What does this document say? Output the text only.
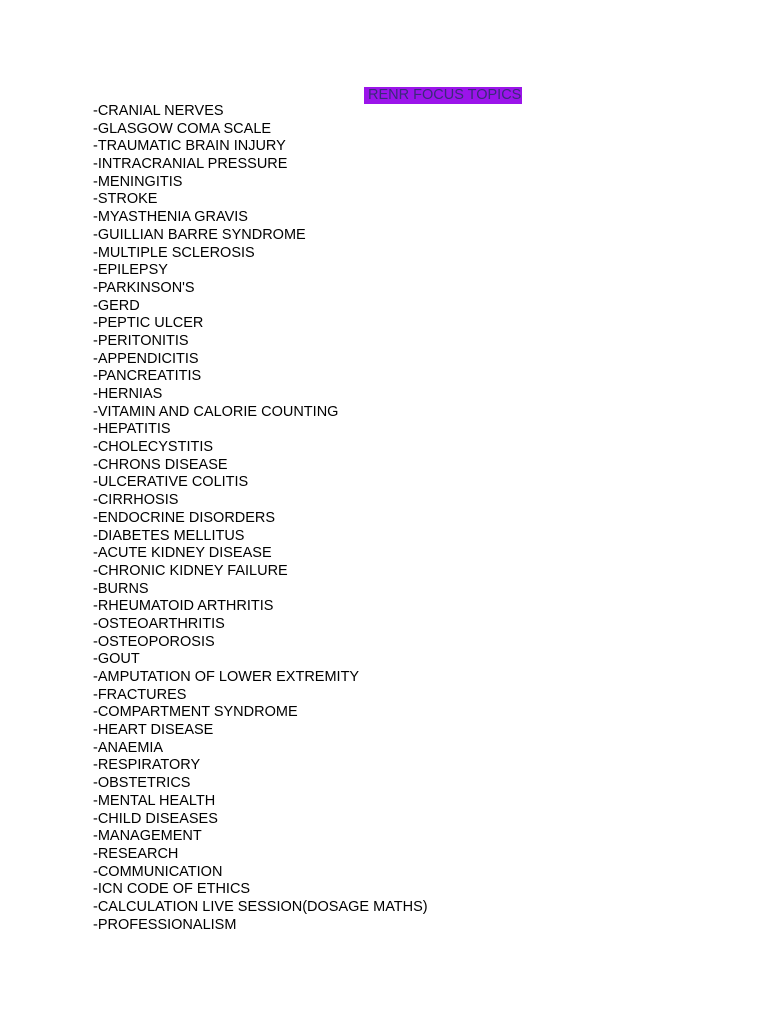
RENR FOCUS TOPICS
-CRANIAL NERVES
-GLASGOW COMA SCALE
-TRAUMATIC BRAIN INJURY
-INTRACRANIAL PRESSURE
-MENINGITIS
-STROKE
-MYASTHENIA GRAVIS
-GUILLIAN BARRE SYNDROME
-MULTIPLE SCLEROSIS
-EPILEPSY
-PARKINSON'S
-GERD
-PEPTIC ULCER
-PERITONITIS
-APPENDICITIS
-PANCREATITIS
-HERNIAS
-VITAMIN AND CALORIE COUNTING
-HEPATITIS
-CHOLECYSTITIS
-CHRONS DISEASE
-ULCERATIVE COLITIS
-CIRRHOSIS
-ENDOCRINE DISORDERS
-DIABETES MELLITUS
-ACUTE KIDNEY DISEASE
-CHRONIC KIDNEY FAILURE
-BURNS
-RHEUMATOID ARTHRITIS
-OSTEOARTHRITIS
-OSTEOPOROSIS
-GOUT
-AMPUTATION OF LOWER EXTREMITY
-FRACTURES
-COMPARTMENT SYNDROME
-HEART DISEASE
-ANAEMIA
-RESPIRATORY
-OBSTETRICS
-MENTAL HEALTH
-CHILD DISEASES
-MANAGEMENT
-RESEARCH
-COMMUNICATION
-ICN CODE OF ETHICS
-CALCULATION LIVE SESSION(DOSAGE MATHS)
-PROFESSIONALISM
